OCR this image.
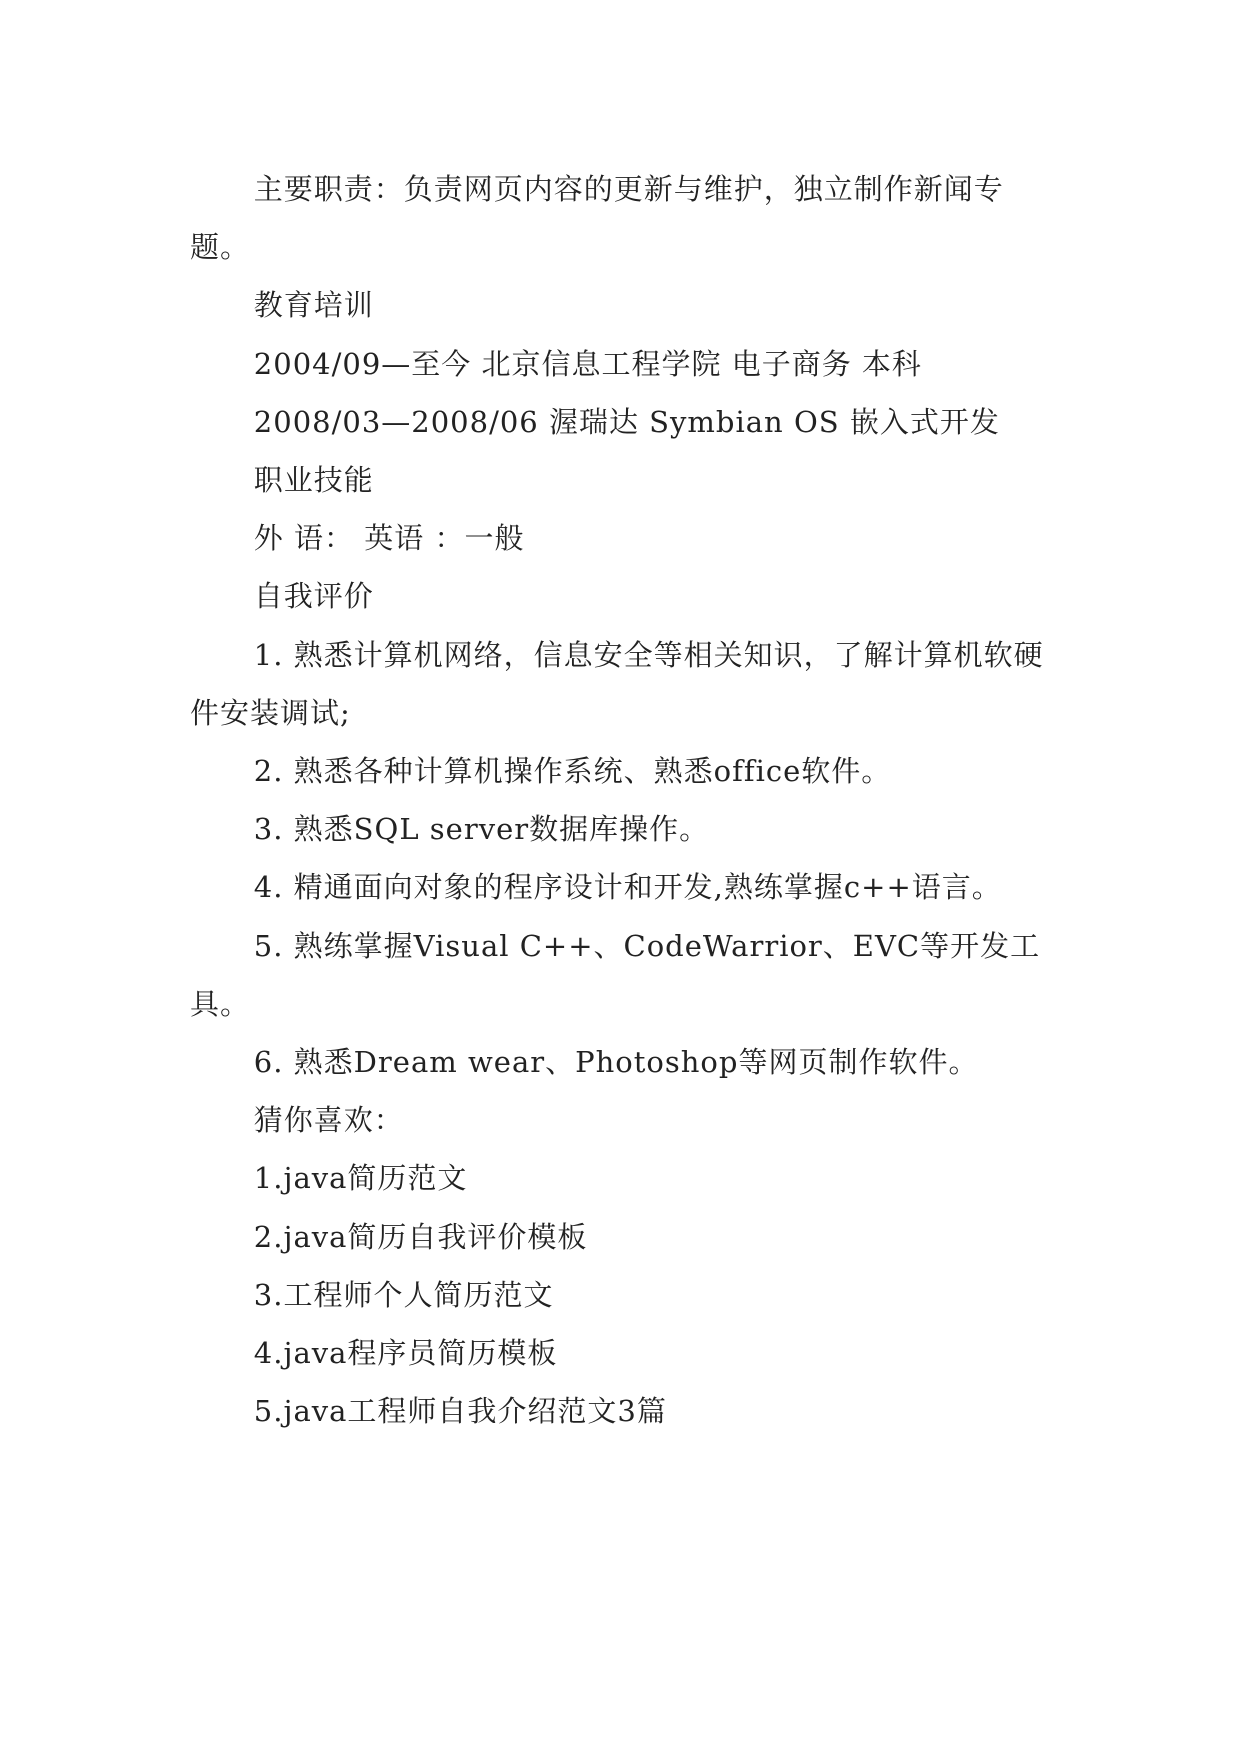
主要职责：负责网页内容的更新与维护，独立制作新闻专题。

教育培训

2004/09—至今 北京信息工程学院 电子商务 本科

2008/03—2008/06 渥瑞达 Symbian OS 嵌入式开发

职业技能

外 语： 英语 ：一般

自我评价

1. 熟悉计算机网络，信息安全等相关知识，了解计算机软硬件安装调试;

2. 熟悉各种计算机操作系统、熟悉office软件。

3. 熟悉SQL server数据库操作。

4. 精通面向对象的程序设计和开发,熟练掌握c++语言。

5. 熟练掌握Visual C++、CodeWarrior、EVC等开发工具。

6. 熟悉Dream wear、Photoshop等网页制作软件。

猜你喜欢：

1.java简历范文

2.java简历自我评价模板

3.工程师个人简历范文

4.java程序员简历模板

5.java工程师自我介绍范文3篇
